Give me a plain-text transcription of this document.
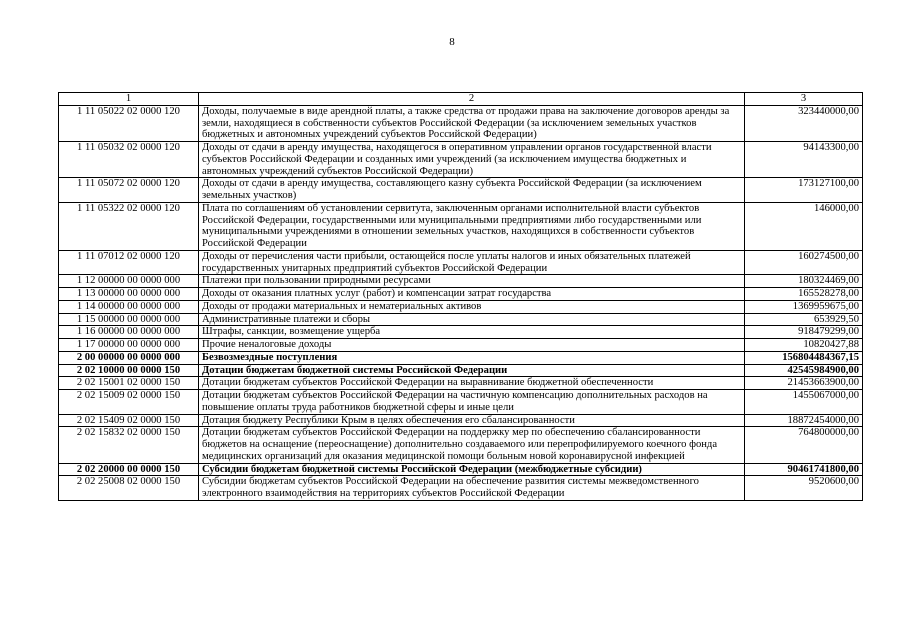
8
1	2	3
1 11 05022 02 0000 120	Доходы, получаемые в виде арендной платы, а также средства от продажи права на заключение договоров аренды за земли, находящиеся в собственности субъектов Российской Федерации (за исключением земельных участков бюджетных и автономных учреждений субъектов Российской Федерации)	323440000,00
1 11 05032 02 0000 120	Доходы от сдачи в аренду имущества, находящегося в оперативном управлении органов государственной власти субъектов Российской Федерации и созданных ими учреждений (за исключением имущества бюджетных и автономных учреждений субъектов Российской Федерации)	94143300,00
1 11 05072 02 0000 120	Доходы от сдачи в аренду имущества, составляющего казну субъекта Российской Федерации (за исключением земельных участков)	173127100,00
1 11 05322 02 0000 120	Плата по соглашениям об установлении сервитута, заключенным органами исполнительной власти субъектов Российской Федерации, государственными или муниципальными предприятиями либо государственными или муниципальными учреждениями в отношении земельных участков, находящихся в собственности субъектов Российской Федерации	146000,00
1 11 07012 02 0000 120	Доходы от перечисления части прибыли, остающейся после уплаты налогов и иных обязательных платежей государственных унитарных предприятий субъектов Российской Федерации	160274500,00
1 12 00000 00 0000 000	Платежи при пользовании природными ресурсами	180324469,00
1 13 00000 00 0000 000	Доходы от оказания платных услуг (работ) и компенсации затрат государства	165528278,00
1 14 00000 00 0000 000	Доходы от продажи материальных и нематериальных активов	1369959675,00
1 15 00000 00 0000 000	Административные платежи и сборы	653929,50
1 16 00000 00 0000 000	Штрафы, санкции, возмещение ущерба	918479299,00
1 17 00000 00 0000 000	Прочие неналоговые доходы	10820427,88
2 00 00000 00 0000 000	Безвозмездные поступления	156804484367,15
2 02 10000 00 0000 150	Дотации бюджетам бюджетной системы Российской Федерации	42545984900,00
2 02 15001 02 0000 150	Дотации бюджетам субъектов Российской Федерации на выравнивание бюджетной обеспеченности	21453663900,00
2 02 15009 02 0000 150	Дотации бюджетам субъектов Российской Федерации на частичную компенсацию дополнительных расходов на повышение оплаты труда работников бюджетной сферы и иные цели	1455067000,00
2 02 15409 02 0000 150	Дотация бюджету Республики Крым в целях обеспечения его сбалансированности	18872454000,00
2 02 15832 02 0000 150	Дотации бюджетам субъектов Российской Федерации на поддержку мер по обеспечению сбалансированности бюджетов на оснащение (переоснащение) дополнительно создаваемого или перепрофилируемого коечного фонда медицинских организаций для оказания медицинской помощи больным новой коронавирусной инфекцией	764800000,00
2 02 20000 00 0000 150	Субсидии бюджетам бюджетной системы Российской Федерации (межбюджетные субсидии)	90461741800,00
2 02 25008 02 0000 150	Субсидии бюджетам субъектов Российской Федерации на обеспечение развития системы межведомственного электронного взаимодействия на территориях субъектов Российской Федерации	9520600,00
